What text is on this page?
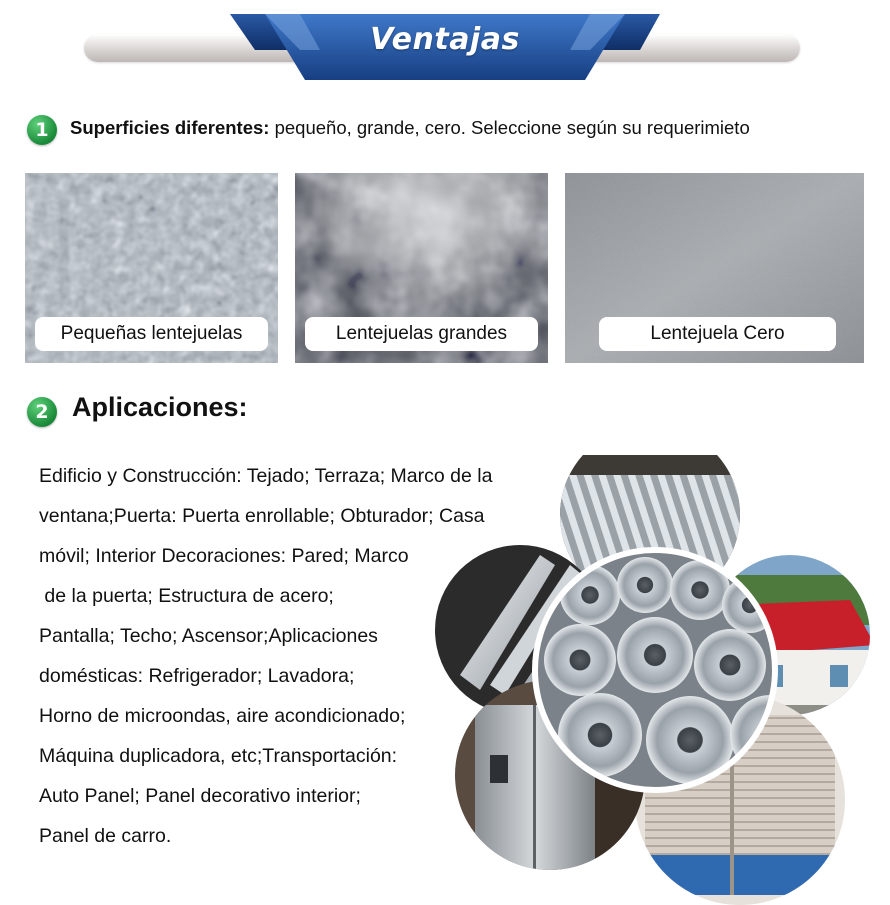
Ventajas
1	Superficies diferentes: pequeño, grande, cero. Seleccione según su requerimieto
Pequeñas lentejuelas	Lentejuelas grandes	Lentejuela Cero
2 Aplicaciones:
Edificio y Construcción: Tejado; Terraza; Marco de la
ventana;Puerta: Puerta enrollable; Obturador; Casa
móvil; Interior Decoraciones: Pared; Marco
de la puerta; Estructura de acero;
Pantalla; Techo; Ascensor;Aplicaciones
domésticas: Refrigerador; Lavadora;
Horno de microondas, aire acondicionado;
Máquina duplicadora, etc;Transportación:
Auto Panel; Panel decorativo interior;
Panel de carro.
